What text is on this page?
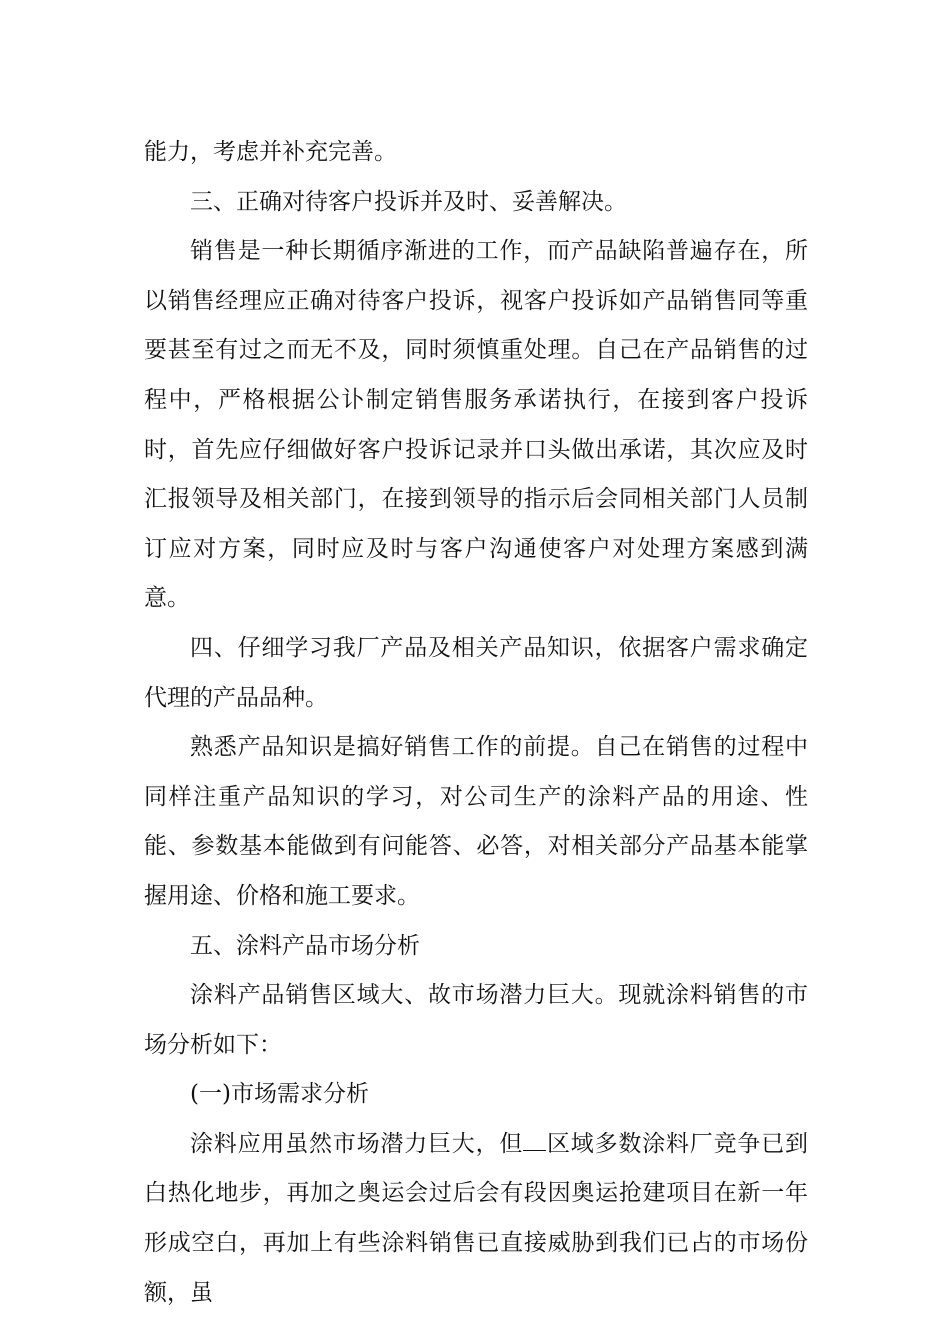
能力，考虑并补充完善。

三、正确对待客户投诉并及时、妥善解决。

销售是一种长期循序渐进的工作，而产品缺陷普遍存在，所以销售经理应正确对待客户投诉，视客户投诉如产品销售同等重要甚至有过之而无不及，同时须慎重处理。自己在产品销售的过程中，严格根据公讣制定销售服务承诺执行，在接到客户投诉时，首先应仔细做好客户投诉记录并口头做出承诺，其次应及时汇报领导及相关部门，在接到领导的指示后会同相关部门人员制订应对方案，同时应及时与客户沟通使客户对处理方案感到满意。

四、仔细学习我厂产品及相关产品知识，依据客户需求确定代理的产品品种。

熟悉产品知识是搞好销售工作的前提。自己在销售的过程中同样注重产品知识的学习，对公司生产的涂料产品的用途、性能、参数基本能做到有问能答、必答，对相关部分产品基本能掌握用途、价格和施工要求。

五、涂料产品市场分析

涂料产品销售区域大、故市场潜力巨大。现就涂料销售的市场分析如下：

(一)市场需求分析

涂料应用虽然市场潜力巨大，但 区域多数涂料厂竞争已到白热化地步，再加之奥运会过后会有段因奥运抢建项目在新一年形成空白，再加上有些涂料销售已直接威胁到我们已占的市场份额，虽
